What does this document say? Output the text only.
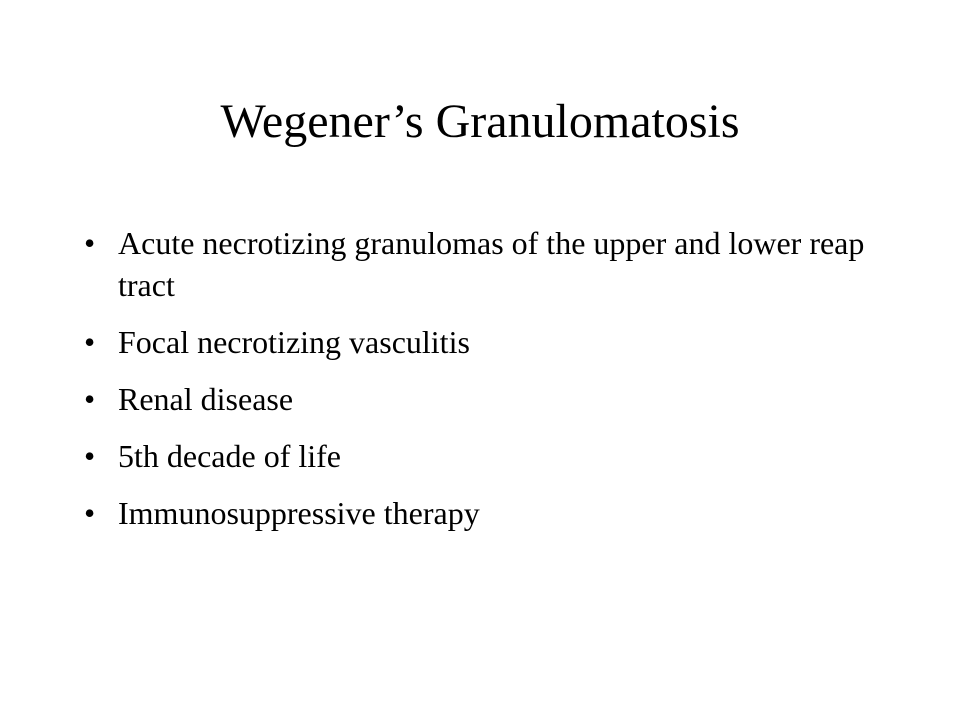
Wegener’s Granulomatosis
• Acute necrotizing granulomas of the upper and lower reap tract
• Focal necrotizing vasculitis
• Renal disease
• 5th decade of life
• Immunosuppressive therapy
